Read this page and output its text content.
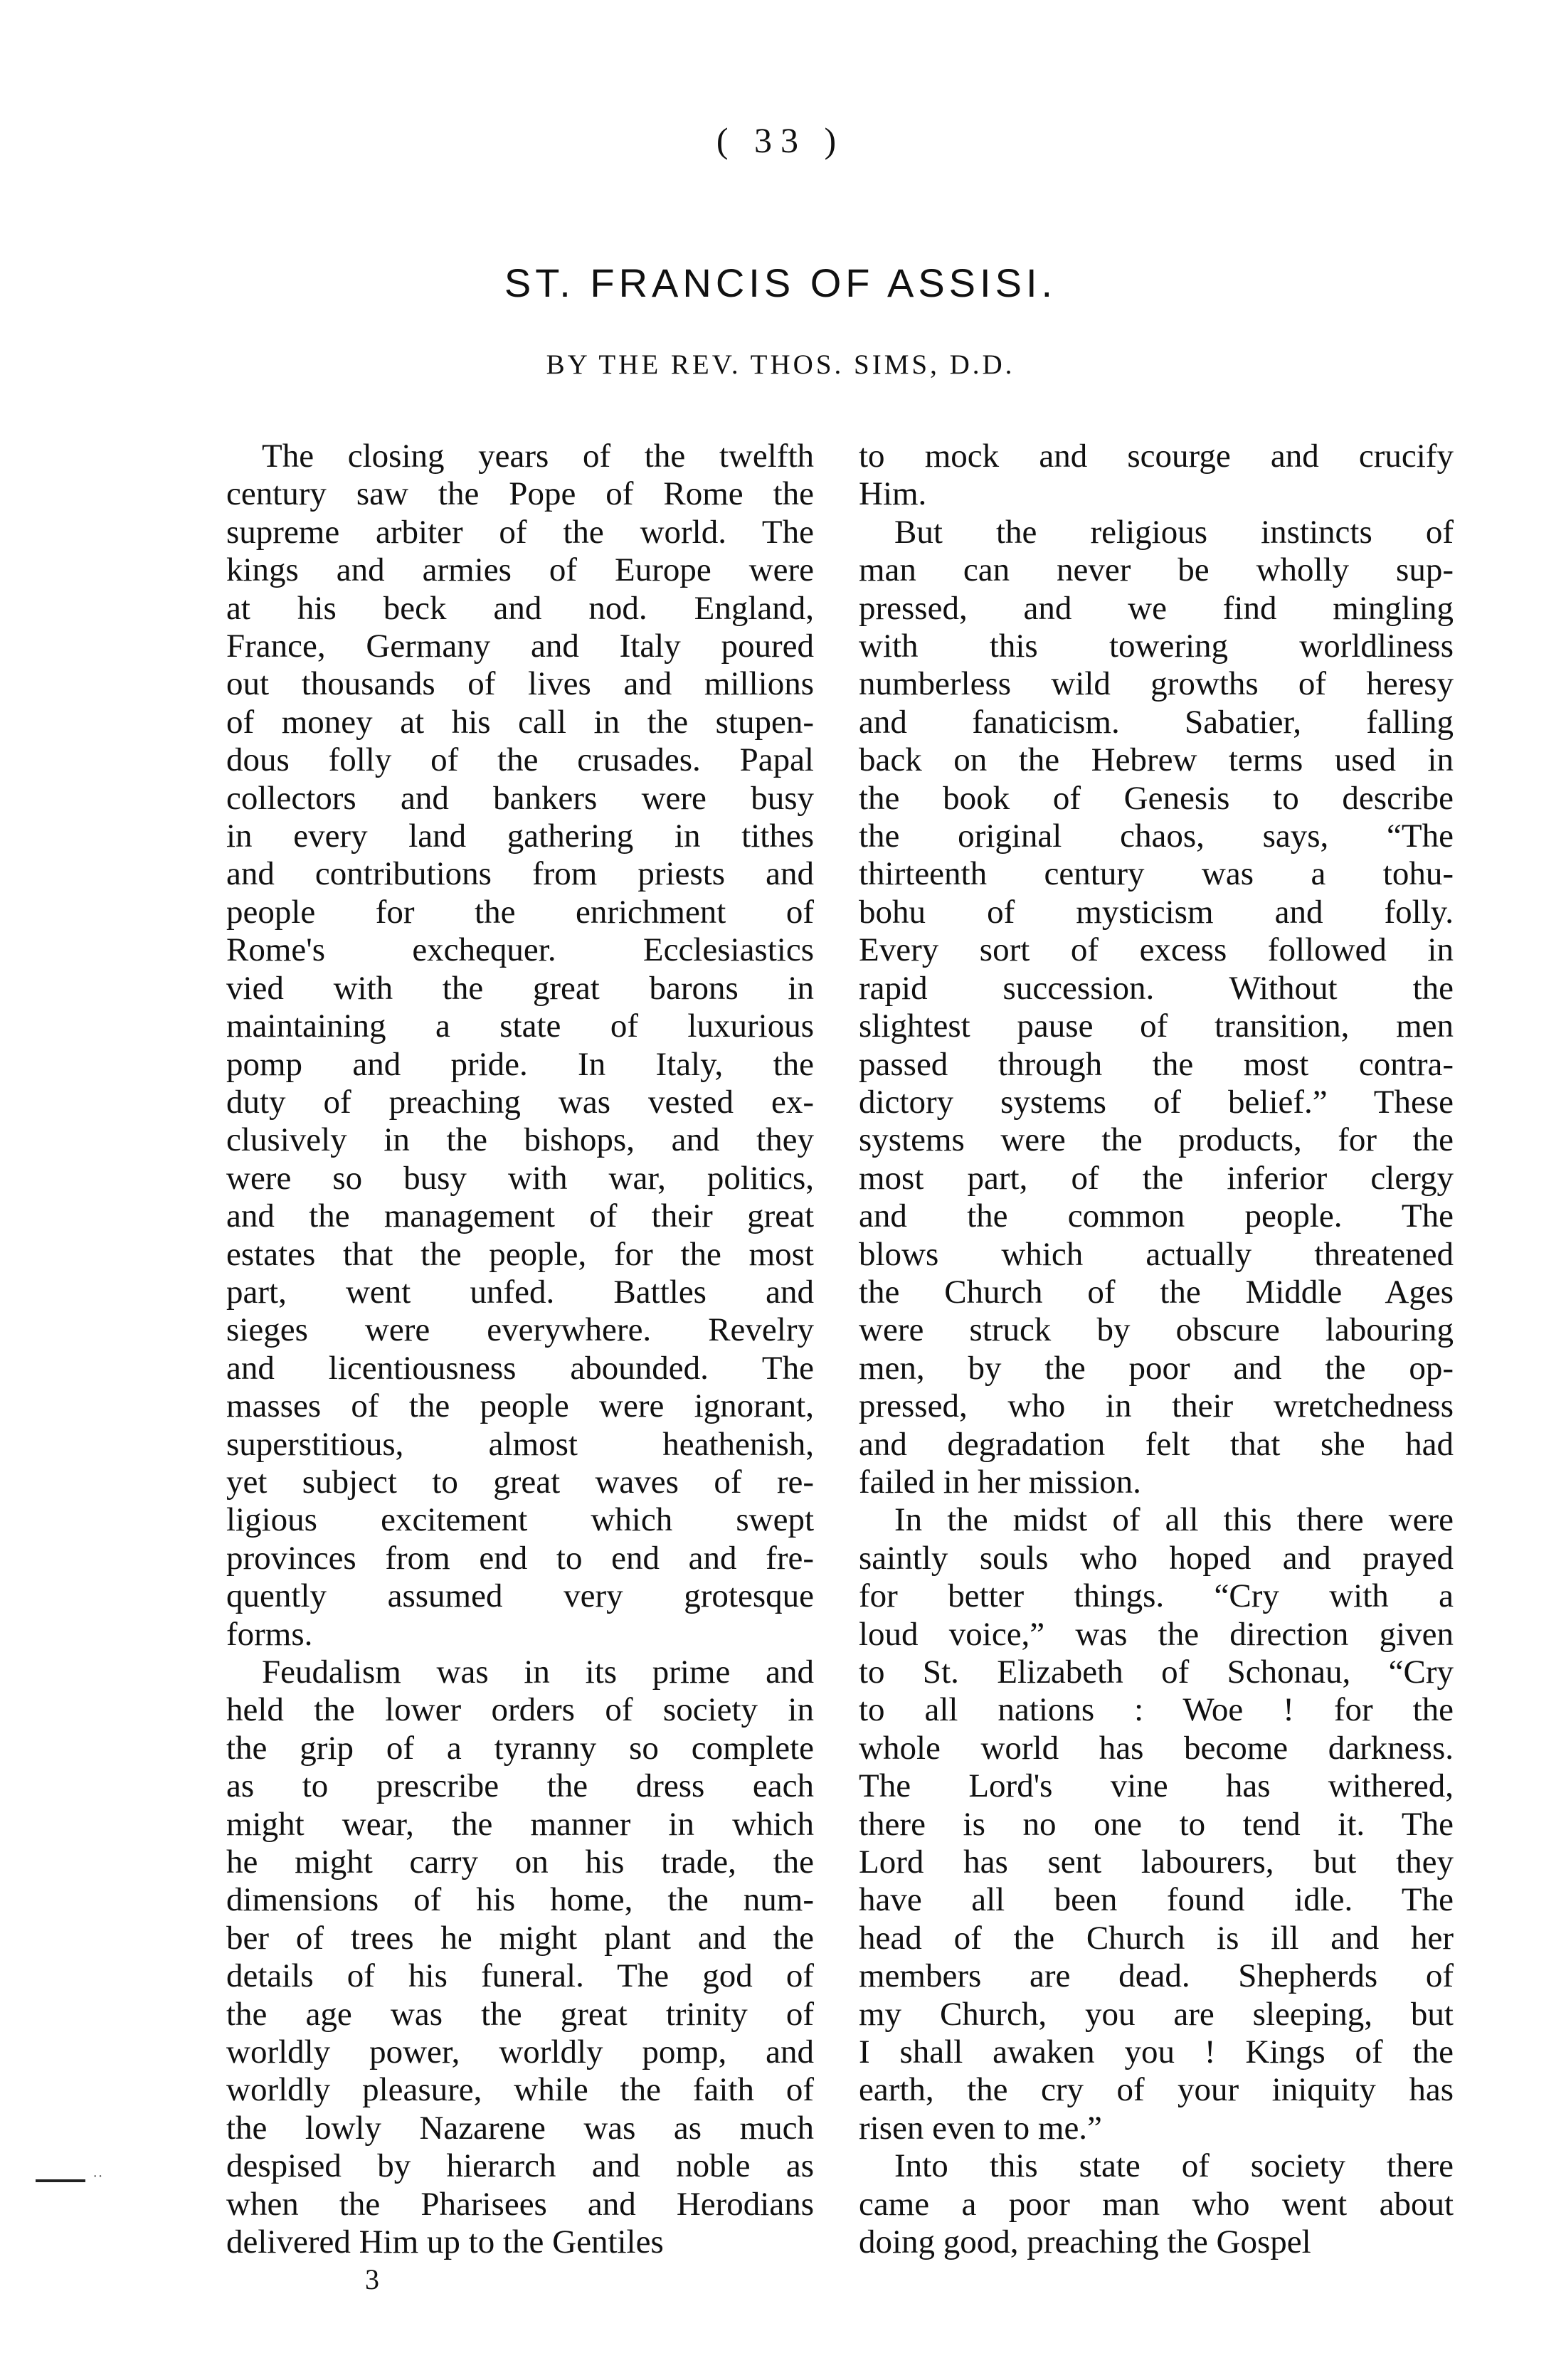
( 33 )
ST. FRANCIS OF ASSISI.
BY THE REV. THOS. SIMS, D.D.
The closing years of the twelfth
century saw the Pope of Rome the
supreme arbiter of the world. The
kings and armies of Europe were
at his beck and nod. England,
France, Germany and Italy poured
out thousands of lives and millions
of money at his call in the stupen-
dous folly of the crusades. Papal
collectors and bankers were busy
in every land gathering in tithes
and contributions from priests and
people for the enrichment of
Rome's exchequer. Ecclesiastics
vied with the great barons in
maintaining a state of luxurious
pomp and pride. In Italy, the
duty of preaching was vested ex-
clusively in the bishops, and they
were so busy with war, politics,
and the management of their great
estates that the people, for the most
part, went unfed. Battles and
sieges were everywhere. Revelry
and licentiousness abounded. The
masses of the people were ignorant,
superstitious, almost heathenish,
yet subject to great waves of re-
ligious excitement which swept
provinces from end to end and fre-
quently assumed very grotesque
forms.
Feudalism was in its prime and
held the lower orders of society in
the grip of a tyranny so complete
as to prescribe the dress each
might wear, the manner in which
he might carry on his trade, the
dimensions of his home, the num-
ber of trees he might plant and the
details of his funeral. The god of
the age was the great trinity of
worldly power, worldly pomp, and
worldly pleasure, while the faith of
the lowly Nazarene was as much
despised by hierarch and noble as
when the Pharisees and Herodians
delivered Him up to the Gentiles
to mock and scourge and crucify
Him.
But the religious instincts of
man can never be wholly sup-
pressed, and we find mingling
with this towering worldliness
numberless wild growths of heresy
and fanaticism. Sabatier, falling
back on the Hebrew terms used in
the book of Genesis to describe
the original chaos, says, “The
thirteenth century was a tohu-
bohu of mysticism and folly.
Every sort of excess followed in
rapid succession. Without the
slightest pause of transition, men
passed through the most contra-
dictory systems of belief.” These
systems were the products, for the
most part, of the inferior clergy
and the common people. The
blows which actually threatened
the Church of the Middle Ages
were struck by obscure labouring
men, by the poor and the op-
pressed, who in their wretchedness
and degradation felt that she had
failed in her mission.
In the midst of all this there were
saintly souls who hoped and prayed
for better things. “Cry with a
loud voice,” was the direction given
to St. Elizabeth of Schonau, “Cry
to all nations : Woe ! for the
whole world has become darkness.
The Lord's vine has withered,
there is no one to tend it. The
Lord has sent labourers, but they
have all been found idle. The
head of the Church is ill and her
members are dead. Shepherds of
my Church, you are sleeping, but
I shall awaken you ! Kings of the
earth, the cry of your iniquity has
risen even to me.”
Into this state of society there
came a poor man who went about
doing good, preaching the Gospel
3
˙˙
